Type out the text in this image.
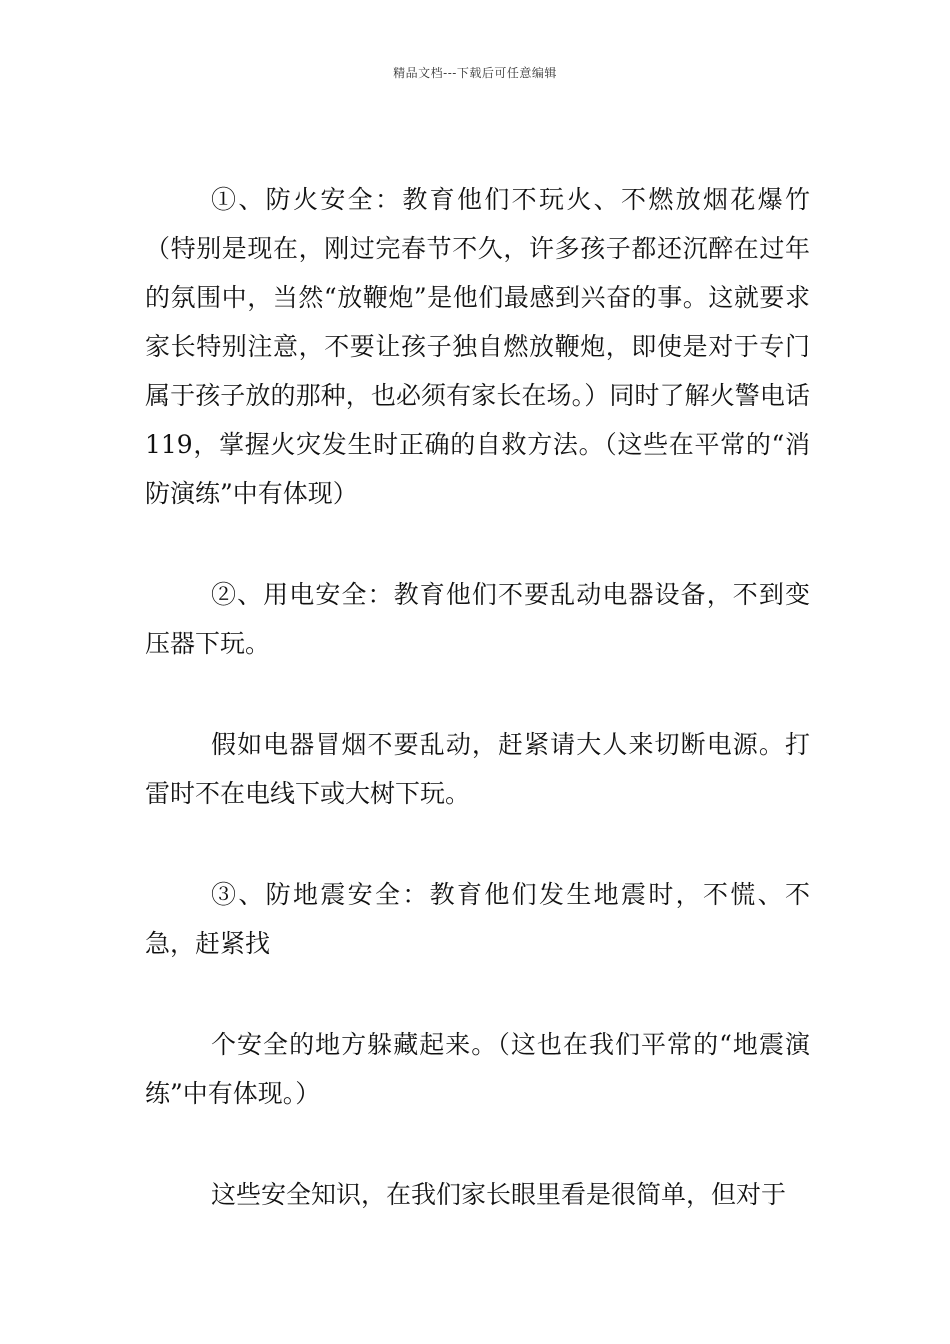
精品文档---下载后可任意编辑

①、防火安全：教育他们不玩火、不燃放烟花爆竹（特别是现在，刚过完春节不久，许多孩子都还沉醉在过年的氛围中，当然“放鞭炮”是他们最感到兴奋的事。这就要求家长特别注意，不要让孩子独自燃放鞭炮，即使是对于专门属于孩子放的那种，也必须有家长在场。）同时了解火警电话119，掌握火灾发生时正确的自救方法。（这些在平常的“消防演练”中有体现）

②、用电安全：教育他们不要乱动电器设备，不到变压器下玩。

假如电器冒烟不要乱动，赶紧请大人来切断电源。打雷时不在电线下或大树下玩。

③、防地震安全：教育他们发生地震时，不慌、不急，赶紧找

个安全的地方躲藏起来。（这也在我们平常的“地震演练”中有体现。）

这些安全知识，在我们家长眼里看是很简单，但对于
